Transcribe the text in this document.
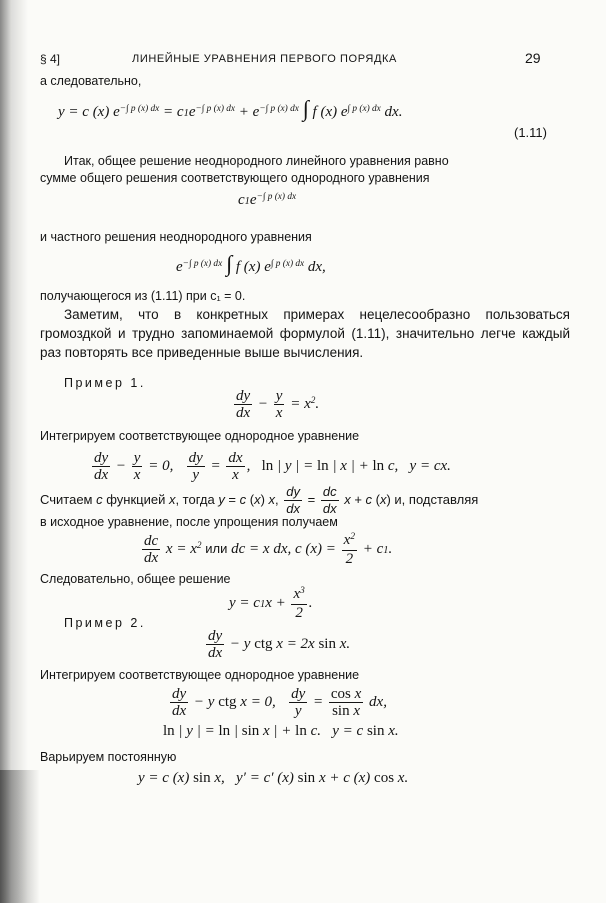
§ 4]	ЛИНЕЙНЫЕ УРАВНЕНИЯ ПЕРВОГО ПОРЯДКА	29
а следовательно,
y = c (x) $e^{-\int p (x) dx} = c1e^{-\int p (x) dx} + e^{-\int p (x) dx}$ ∫ f (x) $e^{\int p (x) dx}$ dx.
(1.11)
Итак, общее решение неоднородного линейного уравнения равно
сумме общего решения соответствующего однородного уравнения
$c1e^{-\int p (x) dx}$
и частного решения неоднородного уравнения
$e^{-\int p (x) dx}$ ∫ f (x) $e^{\int p (x) dx}$ dx,
получающегося из (1.11) при c₁ = 0.
Заметим, что в конкретных примерах нецелесообразно пользоваться громоздкой и трудно запоминаемой формулой (1.11), значительно легче каждый раз повторять все приведенные выше вычисления.
Пример 1.
$\frac{dy}{dx} - \frac{y}{x} = x^2$.
Интегрируем соответствующее однородное уравнение
$\frac{dy}{dx} - \frac{y}{x} = 0$, $\frac{dy}{y} = \frac{dx}{x}$ ,   ln | y | = ln | x | + ln c,   y = cx.
Считаем c функцией x, тогда y = c (x) x, $\frac{dy}{dx} = \frac{dc}{dx}$ x + c (x) и, подставляя
в исходное уравнение, после упрощения получаем
$\frac{dc}{dx}$ $x = x^2$ или dc = x dx, c $(x) = \frac{x^2}{2} + c1$.
Следовательно, общее решение
$y = c1x + \frac{x^3}{2}$ .
Пример 2.
$\frac{dy}{dx} - y$ ctg x = 2x sin x.
Интегрируем соответствующее однородное уравнение
$\frac{dy}{dx} - y$ ctg x = 0, $\frac{dy}{y} = \frac{\text{cos x}}{\text{sin x}}$ dx,
ln | y | = ln | sin x | + ln c.   y = c sin x.
Варьируем постоянную
y = c (x) sin x,   y′ = c′ (x) sin x + c (x) cos x.
